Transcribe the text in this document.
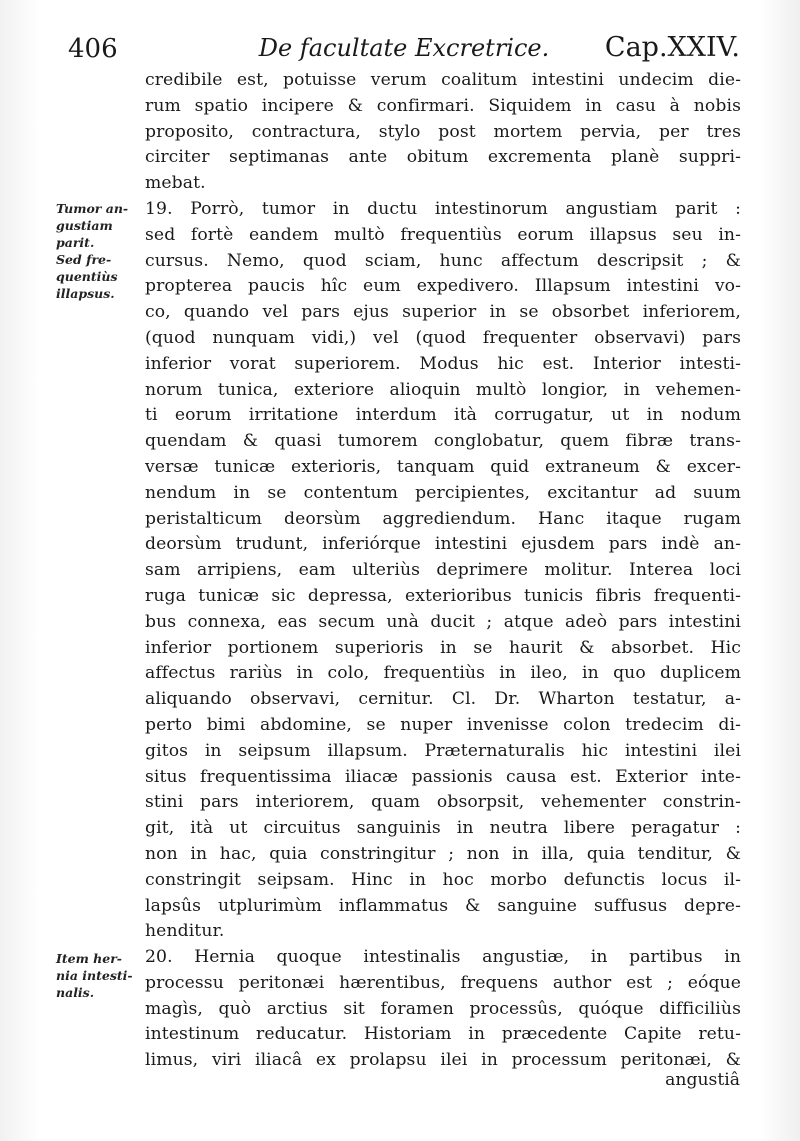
406	De facultate Excretrice.	Cap.XXIV.
Tumor an-
gustiam
parit.
Sed fre-
quentiùs
illapsus.
Item her-
nia intesti-
nalis.
credibile est, potuisse verum coalitum intestini undecim die-
rum spatio incipere & confirmari. Siquidem in casu à nobis
proposito, contractura, stylo post mortem pervia, per tres
circiter septimanas ante obitum excrementa planè suppri-
mebat.
19. Porrò, tumor in ductu intestinorum angustiam parit :
sed fortè eandem multò frequentiùs eorum illapsus seu in-
cursus. Nemo, quod sciam, hunc affectum descripsit ; &
propterea paucis hîc eum expedivero. Illapsum intestini vo-
co, quando vel pars ejus superior in se obsorbet inferiorem,
(quod nunquam vidi,) vel (quod frequenter observavi) pars
inferior vorat superiorem. Modus hic est. Interior intesti-
norum tunica, exteriore alioquin multò longior, in vehemen-
ti eorum irritatione interdum ità corrugatur, ut in nodum
quendam & quasi tumorem conglobatur, quem fibræ trans-
versæ tunicæ exterioris, tanquam quid extraneum & excer-
nendum in se contentum percipientes, excitantur ad suum
peristalticum deorsùm aggrediendum. Hanc itaque rugam
deorsùm trudunt, inferiórque intestini ejusdem pars indè an-
sam arripiens, eam ulteriùs deprimere molitur. Interea loci
ruga tunicæ sic depressa, exterioribus tunicis fibris frequenti-
bus connexa, eas secum unà ducit ; atque adeò pars intestini
inferior portionem superioris in se haurit & absorbet. Hic
affectus rariùs in colo, frequentiùs in ileo, in quo duplicem
aliquando observavi, cernitur. Cl. Dr. Wharton testatur, a-
perto bimi abdomine, se nuper invenisse colon tredecim di-
gitos in seipsum illapsum. Præternaturalis hic intestini ilei
situs frequentissima iliacæ passionis causa est. Exterior inte-
stini pars interiorem, quam obsorpsit, vehementer constrin-
git, ità ut circuitus sanguinis in neutra libere peragatur :
non in hac, quia constringitur ; non in illa, quia tenditur, &
constringit seipsam. Hinc in hoc morbo defunctis locus il-
lapsûs utplurimùm inflammatus & sanguine suffusus depre-
henditur.
20. Hernia quoque intestinalis angustiæ, in partibus in
processu peritonæi hærentibus, frequens author est ; eóque
magìs, quò arctius sit foramen processûs, quóque difficiliùs
intestinum reducatur. Historiam in præcedente Capite retu-
limus, viri iliacâ ex prolapsu ilei in processum peritonæi, &
angustiâ
